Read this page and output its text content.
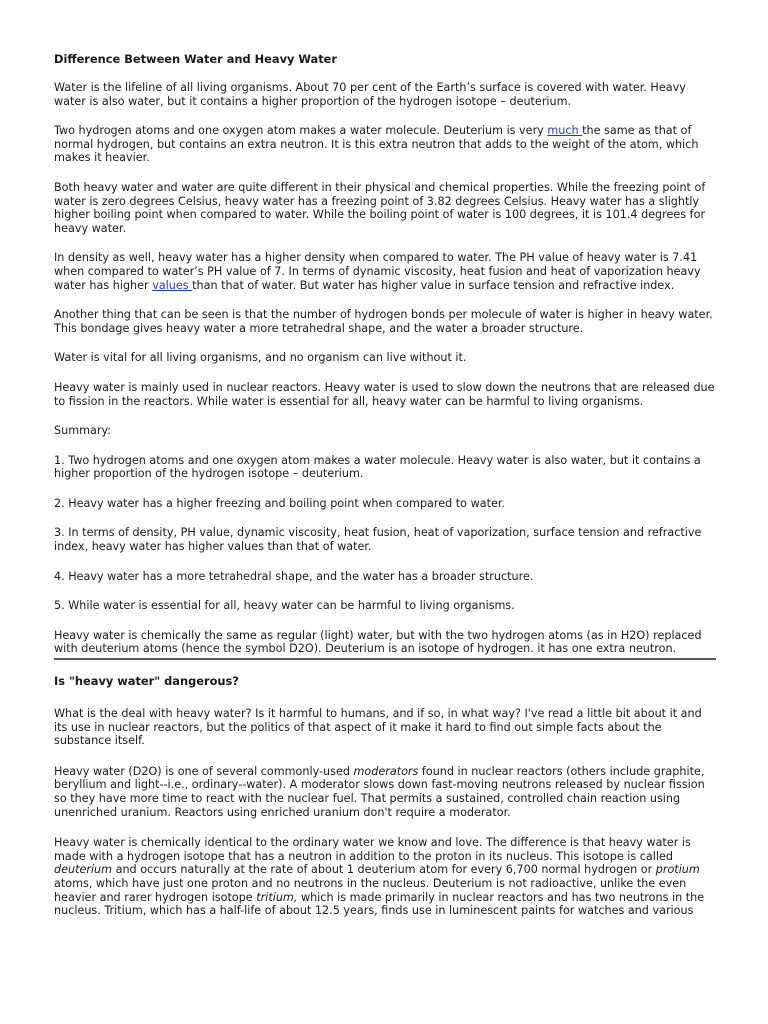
Difference Between Water and Heavy Water

Water is the lifeline of all living organisms. About 70 per cent of the Earth’s surface is covered with water. Heavy water is also water, but it contains a higher proportion of the hydrogen isotope – deuterium.

Two hydrogen atoms and one oxygen atom makes a water molecule. Deuterium is very much the same as that of normal hydrogen, but contains an extra neutron. It is this extra neutron that adds to the weight of the atom, which makes it heavier.

Both heavy water and water are quite different in their physical and chemical properties. While the freezing point of water is zero degrees Celsius, heavy water has a freezing point of 3.82 degrees Celsius. Heavy water has a slightly higher boiling point when compared to water. While the boiling point of water is 100 degrees, it is 101.4 degrees for heavy water.

In density as well, heavy water has a higher density when compared to water. The PH value of heavy water is 7.41 when compared to water’s PH value of 7. In terms of dynamic viscosity, heat fusion and heat of vaporization heavy water has higher values than that of water. But water has higher value in surface tension and refractive index.

Another thing that can be seen is that the number of hydrogen bonds per molecule of water is higher in heavy water. This bondage gives heavy water a more tetrahedral shape, and the water a broader structure.

Water is vital for all living organisms, and no organism can live without it.

Heavy water is mainly used in nuclear reactors. Heavy water is used to slow down the neutrons that are released due to fission in the reactors. While water is essential for all, heavy water can be harmful to living organisms.

Summary:

1. Two hydrogen atoms and one oxygen atom makes a water molecule. Heavy water is also water, but it contains a higher proportion of the hydrogen isotope – deuterium.

2. Heavy water has a higher freezing and boiling point when compared to water.

3. In terms of density, PH value, dynamic viscosity, heat fusion, heat of vaporization, surface tension and refractive index, heavy water has higher values than that of water.

4. Heavy water has a more tetrahedral shape, and the water has a broader structure.

5. While water is essential for all, heavy water can be harmful to living organisms.

Heavy water is chemically the same as regular (light) water, but with the two hydrogen atoms (as in H2O) replaced with deuterium atoms (hence the symbol D2O). Deuterium is an isotope of hydrogen. it has one extra neutron.

Is "heavy water" dangerous?

What is the deal with heavy water? Is it harmful to humans, and if so, in what way? I've read a little bit about it and its use in nuclear reactors, but the politics of that aspect of it make it hard to find out simple facts about the substance itself.

Heavy water (D2O) is one of several commonly-used moderators found in nuclear reactors (others include graphite, beryllium and light--i.e., ordinary--water). A moderator slows down fast-moving neutrons released by nuclear fission so they have more time to react with the nuclear fuel. That permits a sustained, controlled chain reaction using unenriched uranium. Reactors using enriched uranium don't require a moderator.

Heavy water is chemically identical to the ordinary water we know and love. The difference is that heavy water is made with a hydrogen isotope that has a neutron in addition to the proton in its nucleus. This isotope is called deuterium and occurs naturally at the rate of about 1 deuterium atom for every 6,700 normal hydrogen or protium atoms, which have just one proton and no neutrons in the nucleus. Deuterium is not radioactive, unlike the even heavier and rarer hydrogen isotope tritium, which is made primarily in nuclear reactors and has two neutrons in the nucleus. Tritium, which has a half-life of about 12.5 years, finds use in luminescent paints for watches and various
